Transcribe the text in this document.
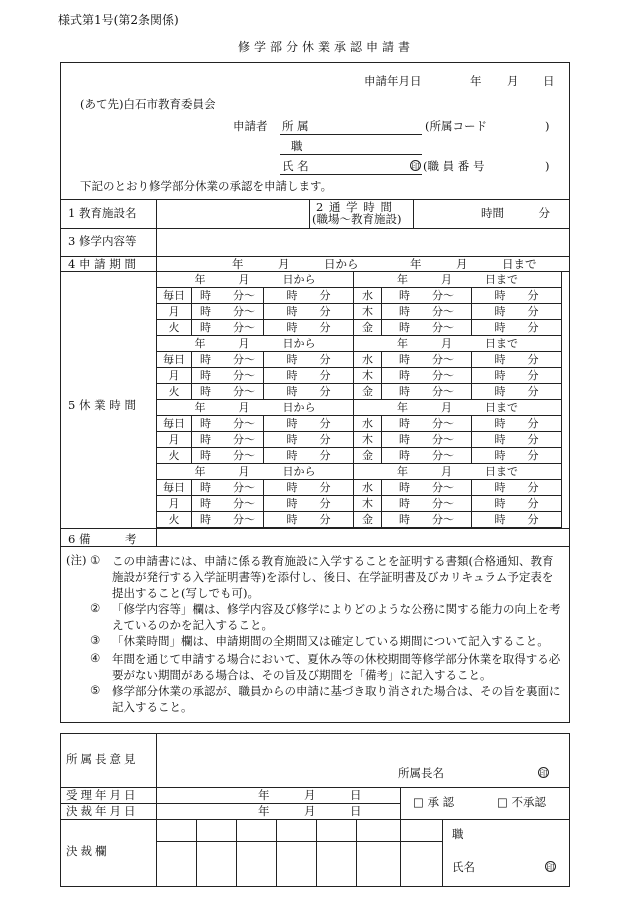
様式第1号(第2条関係)
修学部分休業承認申請書
申請年月日	年 月 日
(あて先)白石市教育委員会
申請者 所 属	(所属コード	)
職
氏 名	印 (職 員 番 号	)
下記のとおり修学部分休業の承認を申請します。
1 教育施設名	2 通 学 時 間
(職場～教育施設)	時間　　　分
3 修学内容等
4 申 請 期 間	年　　　月　　　日から	年　　　月　　　日まで
5 休 業 時 間
年　　　月　　　日から			年　　　月　　　日まで		
毎日	時　　分～	時　　分	水	時　　分～	時　　分
月	時　　分～	時　　分	木	時　　分～	時　　分
火	時　　分～	時　　分	金	時　　分～	時　　分
年　　　月　　　日から			年　　　月　　　日まで		
毎日	時　　分～	時　　分	水	時　　分～	時　　分
月	時　　分～	時　　分	木	時　　分～	時　　分
火	時　　分～	時　　分	金	時　　分～	時　　分
年　　　月　　　日から			年　　　月　　　日まで		
毎日	時　　分～	時　　分	水	時　　分～	時　　分
月	時　　分～	時　　分	木	時　　分～	時　　分
火	時　　分～	時　　分	金	時　　分～	時　　分
年　　　月　　　日から			年　　　月　　　日まで		
毎日	時　　分～	時　　分	水	時　　分～	時　　分
月	時　　分～	時　　分	木	時　　分～	時　　分
火	時　　分～	時　　分	金	時　　分～	時　　分
6 備　　　考
(注) ① この申請書には、申請に係る教育施設に入学することを証明する書類(合格通知、教育施設が発行する入学証明書等)を添付し、後日、在学証明書及びカリキュラム予定表を提出すること(写しでも可)。
② 「修学内容等」欄は、修学内容及び修学によりどのような公務に関する能力の向上を考えているのかを記入すること。
③ 「休業時間」欄は、申請期間の全期間又は確定している期間について記入すること。
④ 年間を通じて申請する場合において、夏休み等の休校期間等修学部分休業を取得する必要がない期間がある場合は、その旨及び期間を「備考」に記入すること。
⑤ 修学部分休業の承認が、職員からの申請に基づき取り消された場合は、その旨を裏面に記入すること。
所属長意見
所属長名	印
受理年月日	年　　　月　　　日
決裁年月日	年　　　月　　　日
□ 承 認	□ 不承認
決裁欄
職
氏名	印
